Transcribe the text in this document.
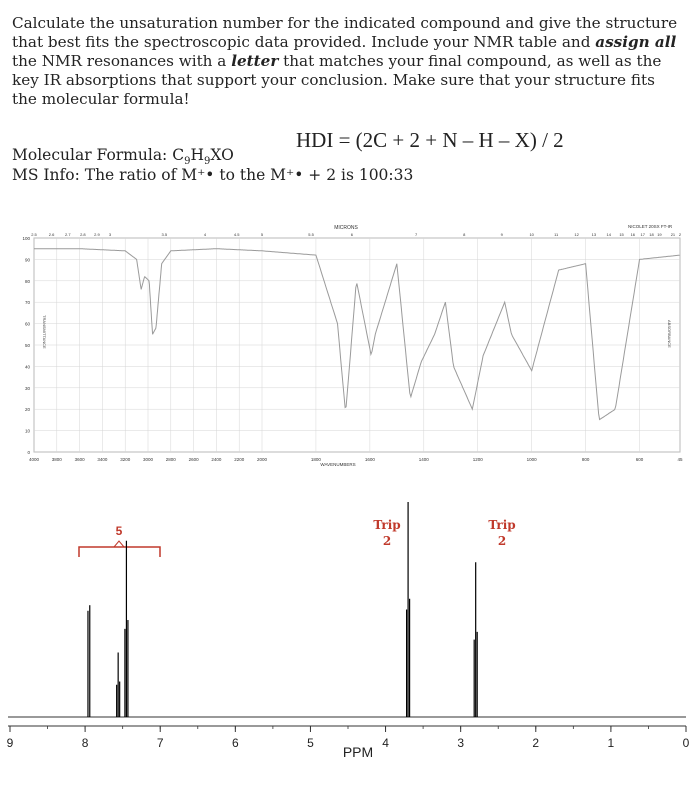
Calculate the unsaturation number for the indicated compound and give the structure that best fits the spectroscopic data provided. Include your NMR table and assign all the NMR resonances with a letter that matches your final compound, as well as the key IR absorptions that support your conclusion. Make sure that your structure fits the molecular formula!
HDI = (2C + 2 + N – H – X) / 2
Molecular Formula: $C_9H_9XO$
MS Info: The ratio of M⁺• to the M⁺• + 2 is 100:33
100
90
80
70
60
50
40
30
20
10
0
4000	3800	3600	3400	3200	3000	2800	2600	2400	2200	2000	1800	1600	1400	1200	1000	800	600	45
2.5	2.6	2.7 2.8 2.9 3	3.5	4	4.5	5	5.5	6	7	8	9	10	11	12	13	14 15 16 17 18 19 21 2
MICRONS	NICOLET 20SX FT-IR
WAVENUMBERS
TRANSMITTANCE	ABSORBANCE
5	Trip
2
Trip
2
9	8	7	6	5	4	3	2	1	0
PPM
